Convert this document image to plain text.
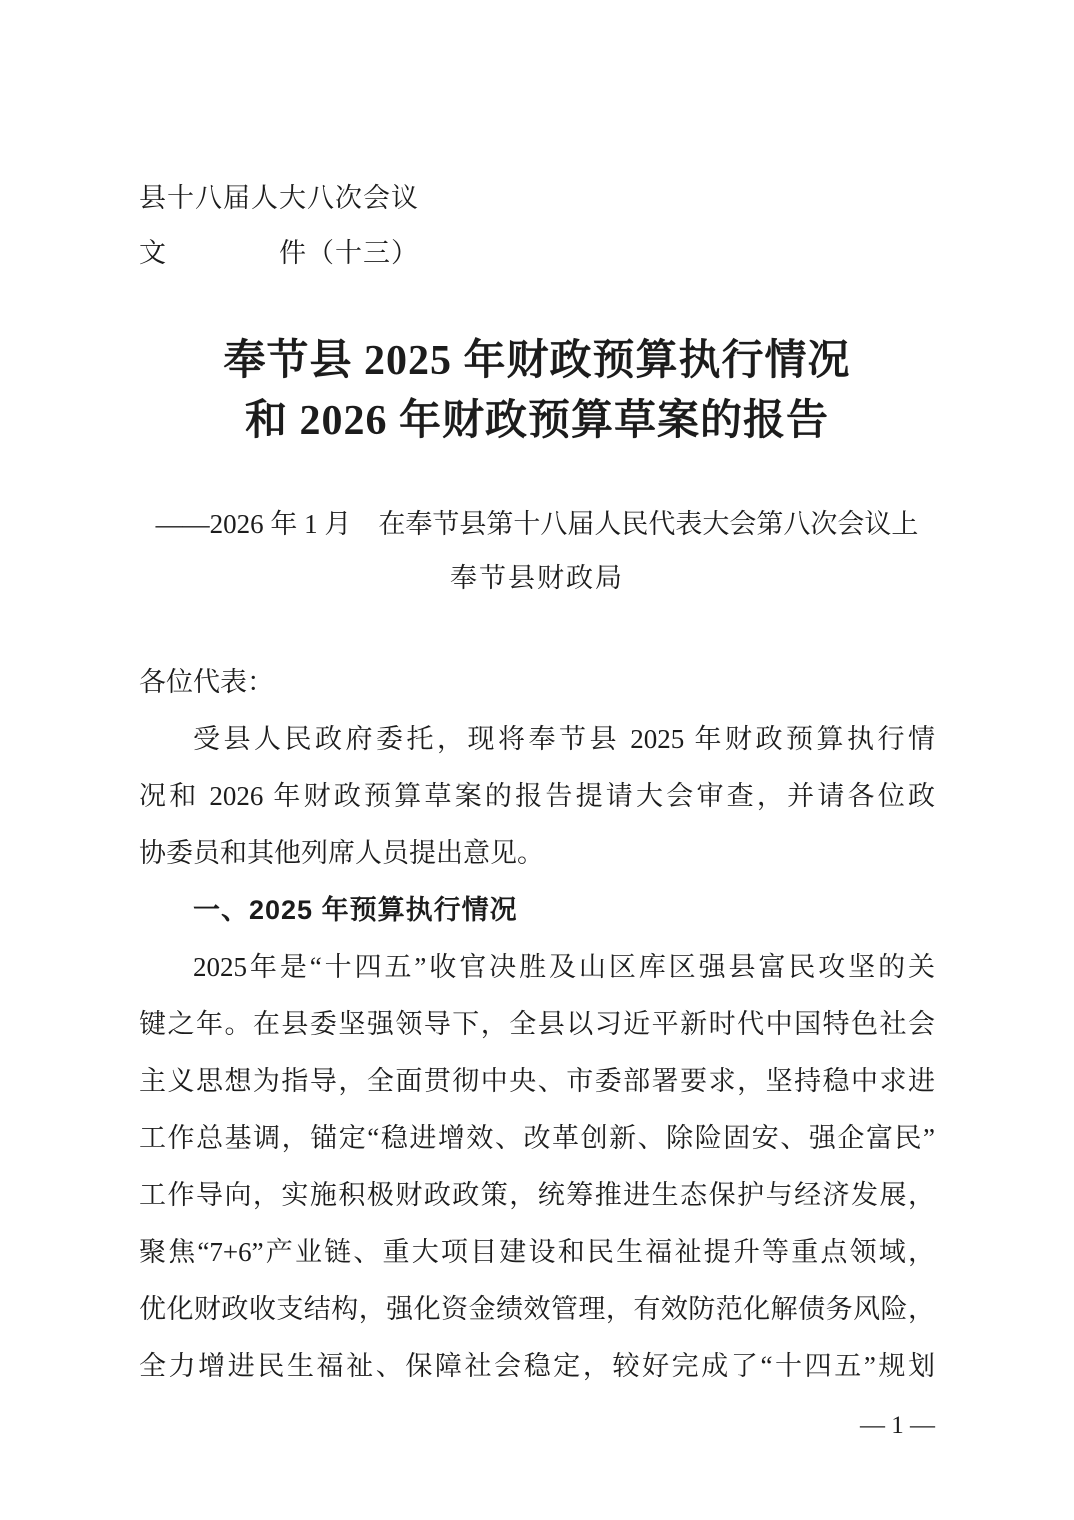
县十八届人大八次会议
文　　　　件（十三）
奉节县 2025 年财政预算执行情况
和 2026 年财政预算草案的报告
——2026 年 1 月　在奉节县第十八届人民代表大会第八次会议上
奉节县财政局
各位代表：
受县人民政府委托，现将奉节县 2025 年财政预算执行情
况和 2026 年财政预算草案的报告提请大会审查，并请各位政
协委员和其他列席人员提出意见。
一、2025 年预算执行情况
2025年是“十四五”收官决胜及山区库区强县富民攻坚的关
键之年。在县委坚强领导下，全县以习近平新时代中国特色社会
主义思想为指导，全面贯彻中央、市委部署要求，坚持稳中求进
工作总基调，锚定“稳进增效、改革创新、除险固安、强企富民”
工作导向，实施积极财政政策，统筹推进生态保护与经济发展，
聚焦“7+6”产业链、重大项目建设和民生福祉提升等重点领域，
优化财政收支结构，强化资金绩效管理，有效防范化解债务风险，
全力增进民生福祉、保障社会稳定，较好完成了“十四五”规划
— 1 —
